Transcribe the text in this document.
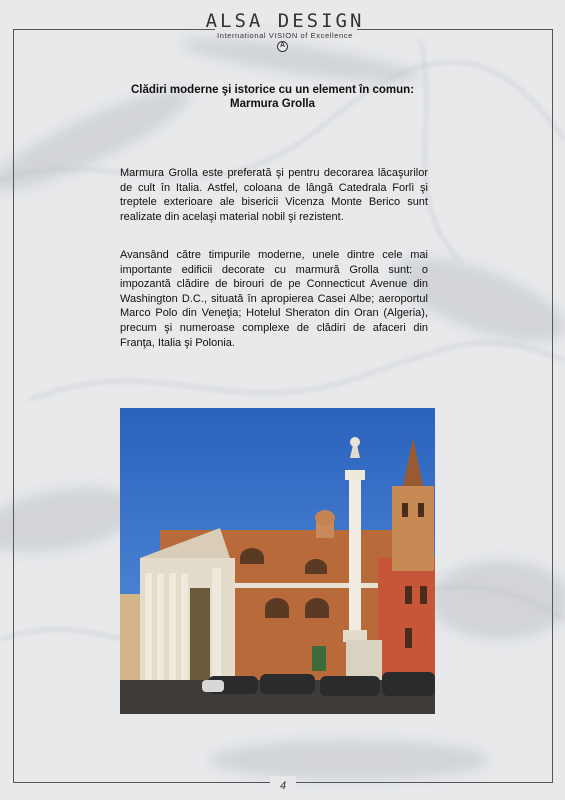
ALSA DESIGN
International VISION of Excellence
A
Clădiri moderne şi istorice cu un element în comun:
Marmura Grolla

Marmura Grolla este preferată şi pentru decorarea lăcaşurilor de cult în Italia. Astfel, coloana de lângă Catedrala Forlì şi treptele exterioare ale bisericii Vicenza Monte Berico sunt realizate din acelaşi material nobil şi rezistent.

Avansând către timpurile moderne, unele dintre cele mai importante edificii decorate cu marmură Grolla sunt: o impozantă clădire de birouri de pe Connecticut Avenue din Washington D.C., situată în apropierea Casei Albe; aeroportul Marco Polo din Veneţia; Hotelul Sheraton din Oran (Algeria), precum şi numeroase complexe de clădiri de afaceri din Franţa, Italia şi Polonia.

4
